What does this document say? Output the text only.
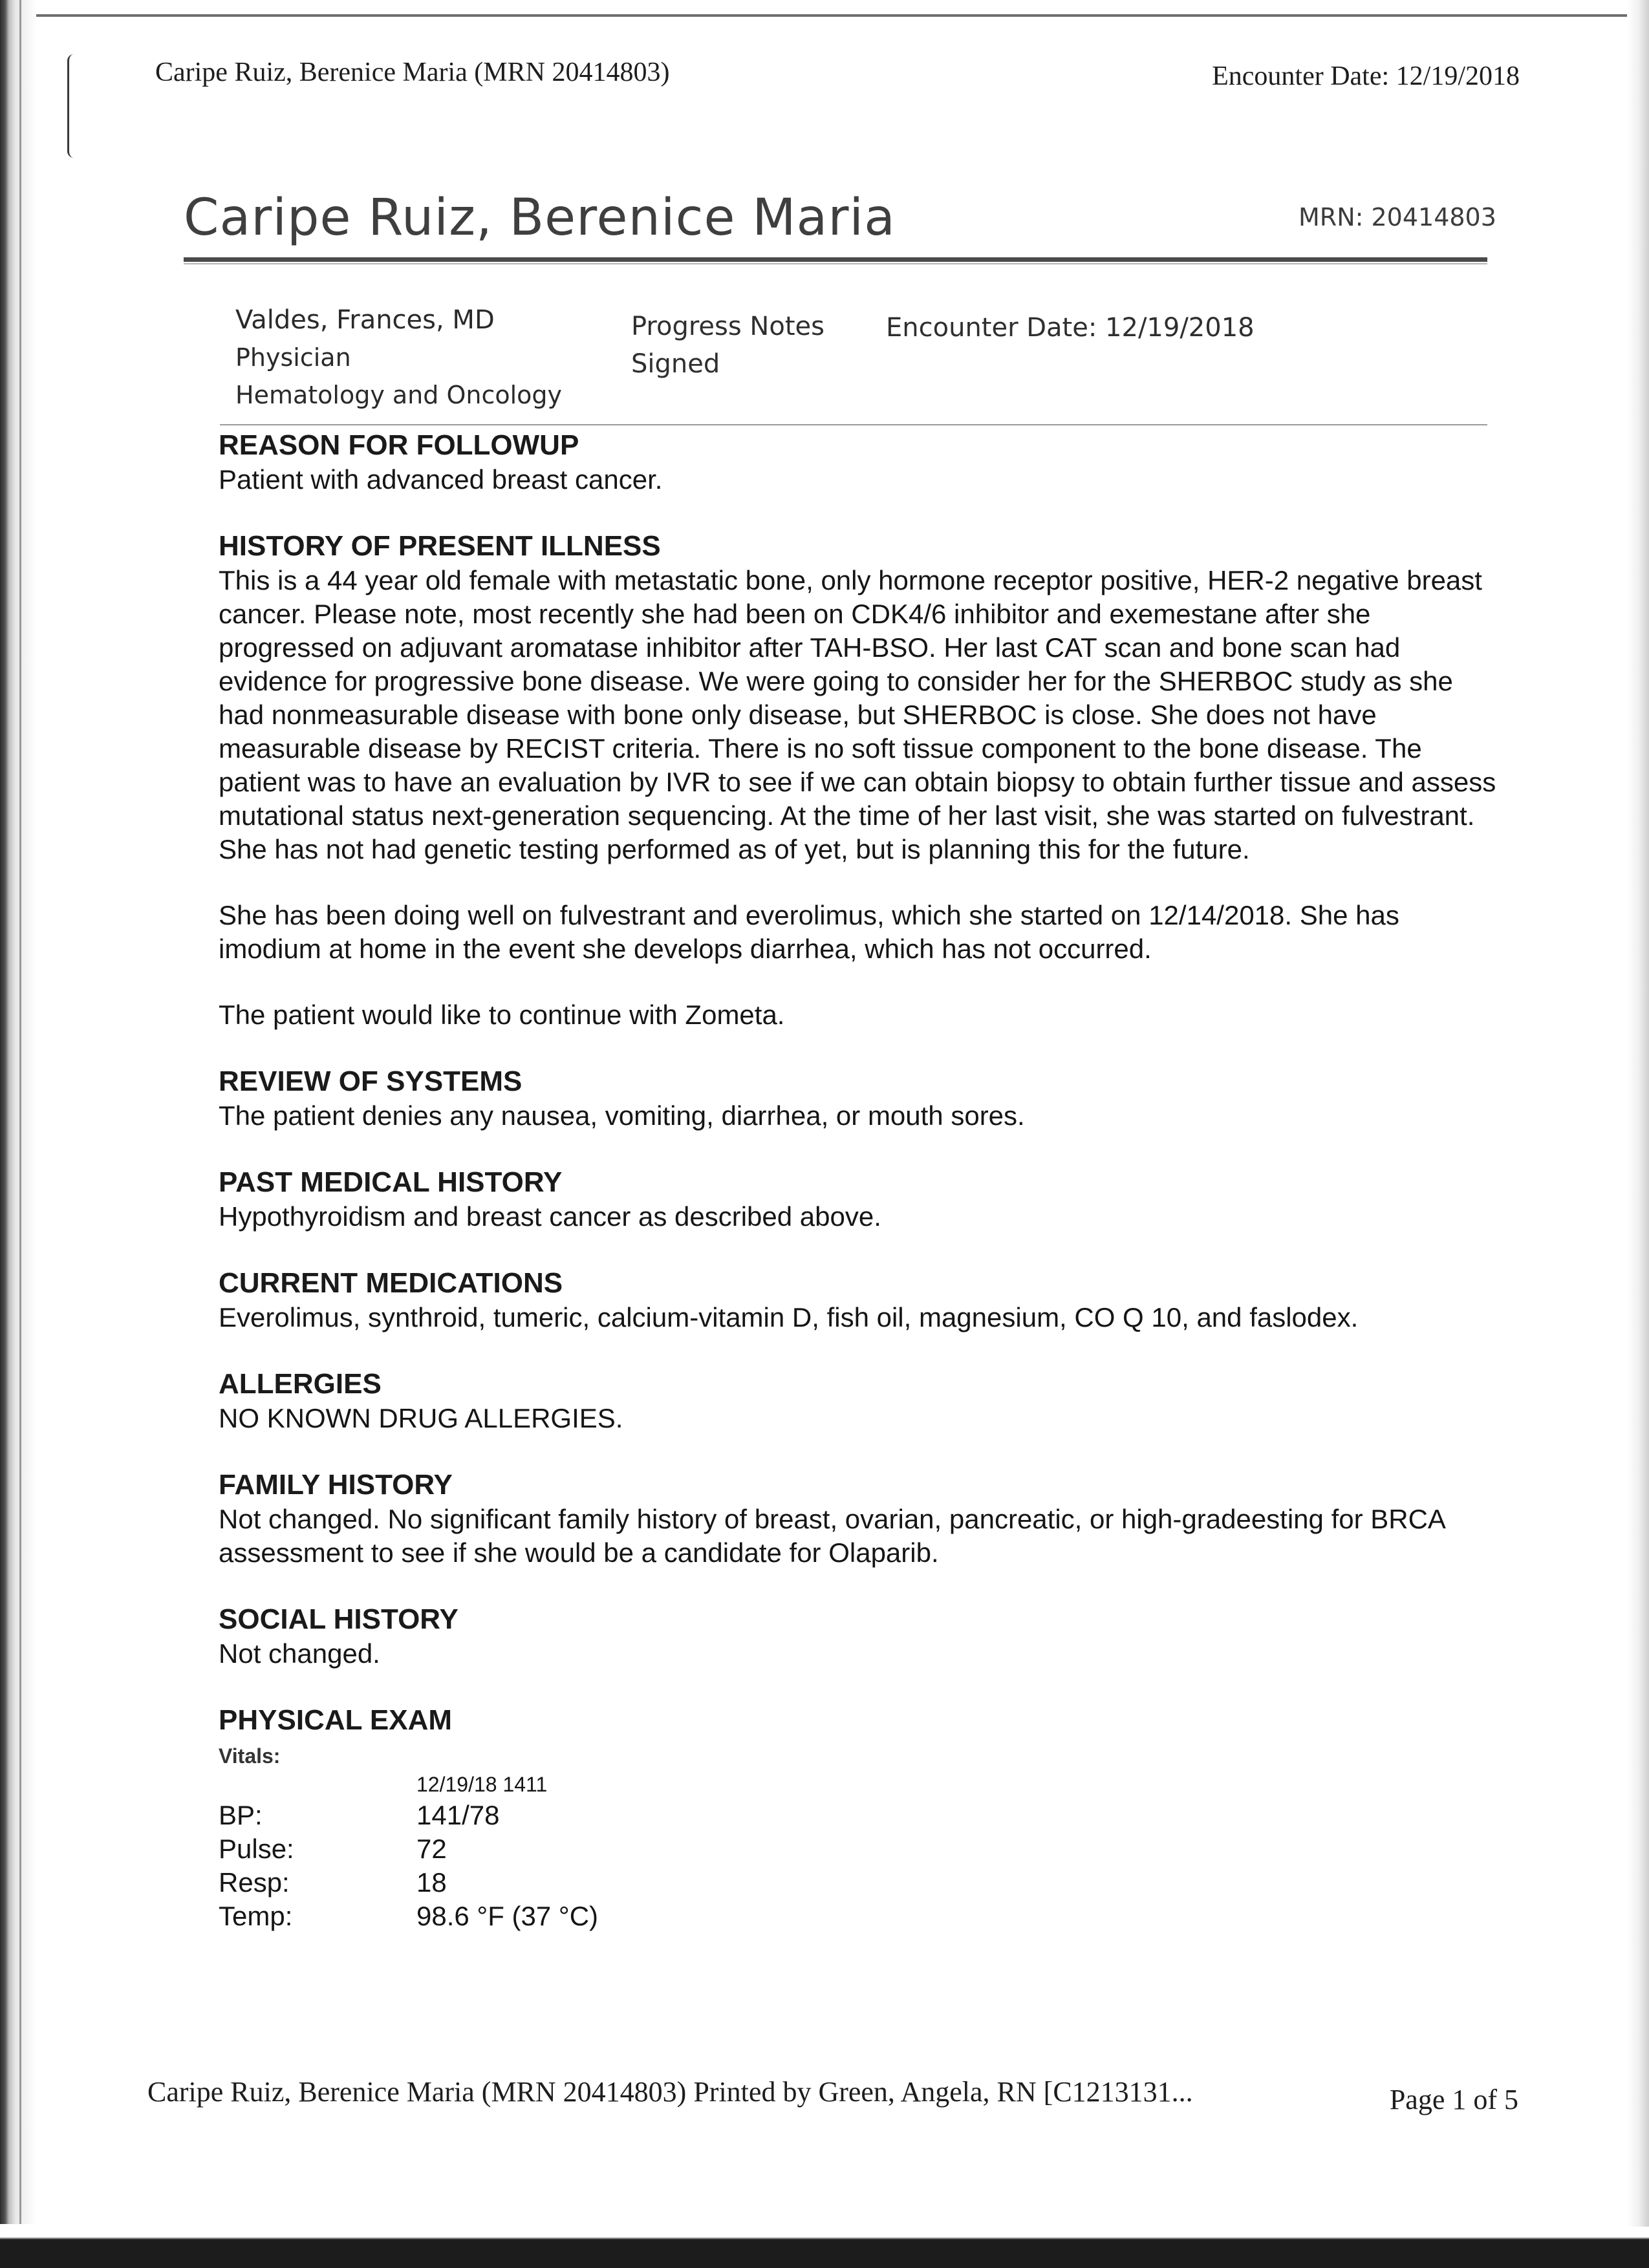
Caripe Ruiz, Berenice Maria (MRN 20414803)	Encounter Date: 12/19/2018
Caripe Ruiz, Berenice Maria	MRN: 20414803
Valdes, Frances, MD
Physician
Hematology and Oncology
Progress Notes
Signed
Encounter Date: 12/19/2018

REASON FOR FOLLOWUP

Patient with advanced breast cancer.

HISTORY OF PRESENT ILLNESS

This is a 44 year old female with metastatic bone, only hormone receptor positive, HER-2 negative breast cancer. Please note, most recently she had been on CDK4/6 inhibitor and exemestane after she progressed on adjuvant aromatase inhibitor after TAH-BSO. Her last CAT scan and bone scan had evidence for progressive bone disease. We were going to consider her for the SHERBOC study as she had nonmeasurable disease with bone only disease, but SHERBOC is close. She does not have measurable disease by RECIST criteria. There is no soft tissue component to the bone disease. The patient was to have an evaluation by IVR to see if we can obtain biopsy to obtain further tissue and assess mutational status next-generation sequencing. At the time of her last visit, she was started on fulvestrant. She has not had genetic testing performed as of yet, but is planning this for the future.

She has been doing well on fulvestrant and everolimus, which she started on 12/14/2018. She has imodium at home in the event she develops diarrhea, which has not occurred.

The patient would like to continue with Zometa.

REVIEW OF SYSTEMS

The patient denies any nausea, vomiting, diarrhea, or mouth sores.

PAST MEDICAL HISTORY

Hypothyroidism and breast cancer as described above.

CURRENT MEDICATIONS

Everolimus, synthroid, tumeric, calcium-vitamin D, fish oil, magnesium, CO Q 10, and faslodex.

ALLERGIES

NO KNOWN DRUG ALLERGIES.

FAMILY HISTORY

Not changed. No significant family history of breast, ovarian, pancreatic, or high-gradeesting for BRCA assessment to see if she would be a candidate for Olaparib.

SOCIAL HISTORY

Not changed.

PHYSICAL EXAM

Vitals:
	12/19/18 1411
BP:	141/78
Pulse:	72
Resp:	18
Temp:	98.6 °F (37 °C)
Caripe Ruiz, Berenice Maria (MRN 20414803) Printed by Green, Angela, RN [C1213131...	Page 1 of 5
